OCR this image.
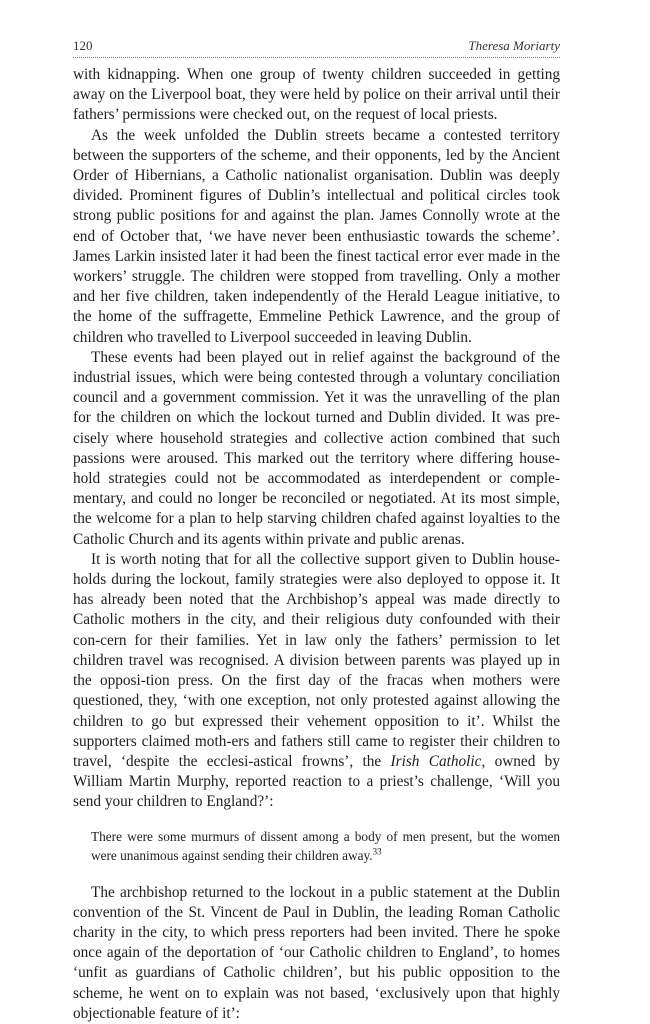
120	Theresa Moriarty

with kidnapping. When one group of twenty children succeeded in getting away on the Liverpool boat, they were held by police on their arrival until their fathers’ permissions were checked out, on the request of local priests.

As the week unfolded the Dublin streets became a contested territory between the supporters of the scheme, and their opponents, led by the Ancient Order of Hibernians, a Catholic nationalist organisation. Dublin was deeply divided. Prominent figures of Dublin’s intellectual and political circles took strong public positions for and against the plan. James Connolly wrote at the end of October that, ‘we have never been enthusiastic towards the scheme’. James Larkin insisted later it had been the finest tactical error ever made in the workers’ struggle. The children were stopped from travelling. Only a mother and her five children, taken independently of the Herald League initiative, to the home of the suffragette, Emmeline Pethick Lawrence, and the group of children who travelled to Liverpool succeeded in leaving Dublin.

These events had been played out in relief against the background of the industrial issues, which were being contested through a voluntary conciliation council and a government commission. Yet it was the unravelling of the plan for the children on which the lockout turned and Dublin divided. It was pre-cisely where household strategies and collective action combined that such passions were aroused. This marked out the territory where differing house-hold strategies could not be accommodated as interdependent or comple-mentary, and could no longer be reconciled or negotiated. At its most simple, the welcome for a plan to help starving children chafed against loyalties to the Catholic Church and its agents within private and public arenas.

It is worth noting that for all the collective support given to Dublin house-holds during the lockout, family strategies were also deployed to oppose it. It has already been noted that the Archbishop’s appeal was made directly to Catholic mothers in the city, and their religious duty confounded with their con-cern for their families. Yet in law only the fathers’ permission to let children travel was recognised. A division between parents was played up in the opposi-tion press. On the first day of the fracas when mothers were questioned, they, ‘with one exception, not only protested against allowing the children to go but expressed their vehement opposition to it’. Whilst the supporters claimed moth-ers and fathers still came to register their children to travel, ‘despite the ecclesi-astical frowns’, the Irish Catholic, owned by William Martin Murphy, reported reaction to a priest’s challenge, ‘Will you send your children to England?’:

There were some murmurs of dissent among a body of men present, but the women were unanimous against sending their children away.$^{33}$

The archbishop returned to the lockout in a public statement at the Dublin convention of the St. Vincent de Paul in Dublin, the leading Roman Catholic charity in the city, to which press reporters had been invited. There he spoke once again of the deportation of ‘our Catholic children to England’, to homes ‘unfit as guardians of Catholic children’, but his public opposition to the scheme, he went on to explain was not based, ‘exclusively upon that highly objectionable feature of it’:
